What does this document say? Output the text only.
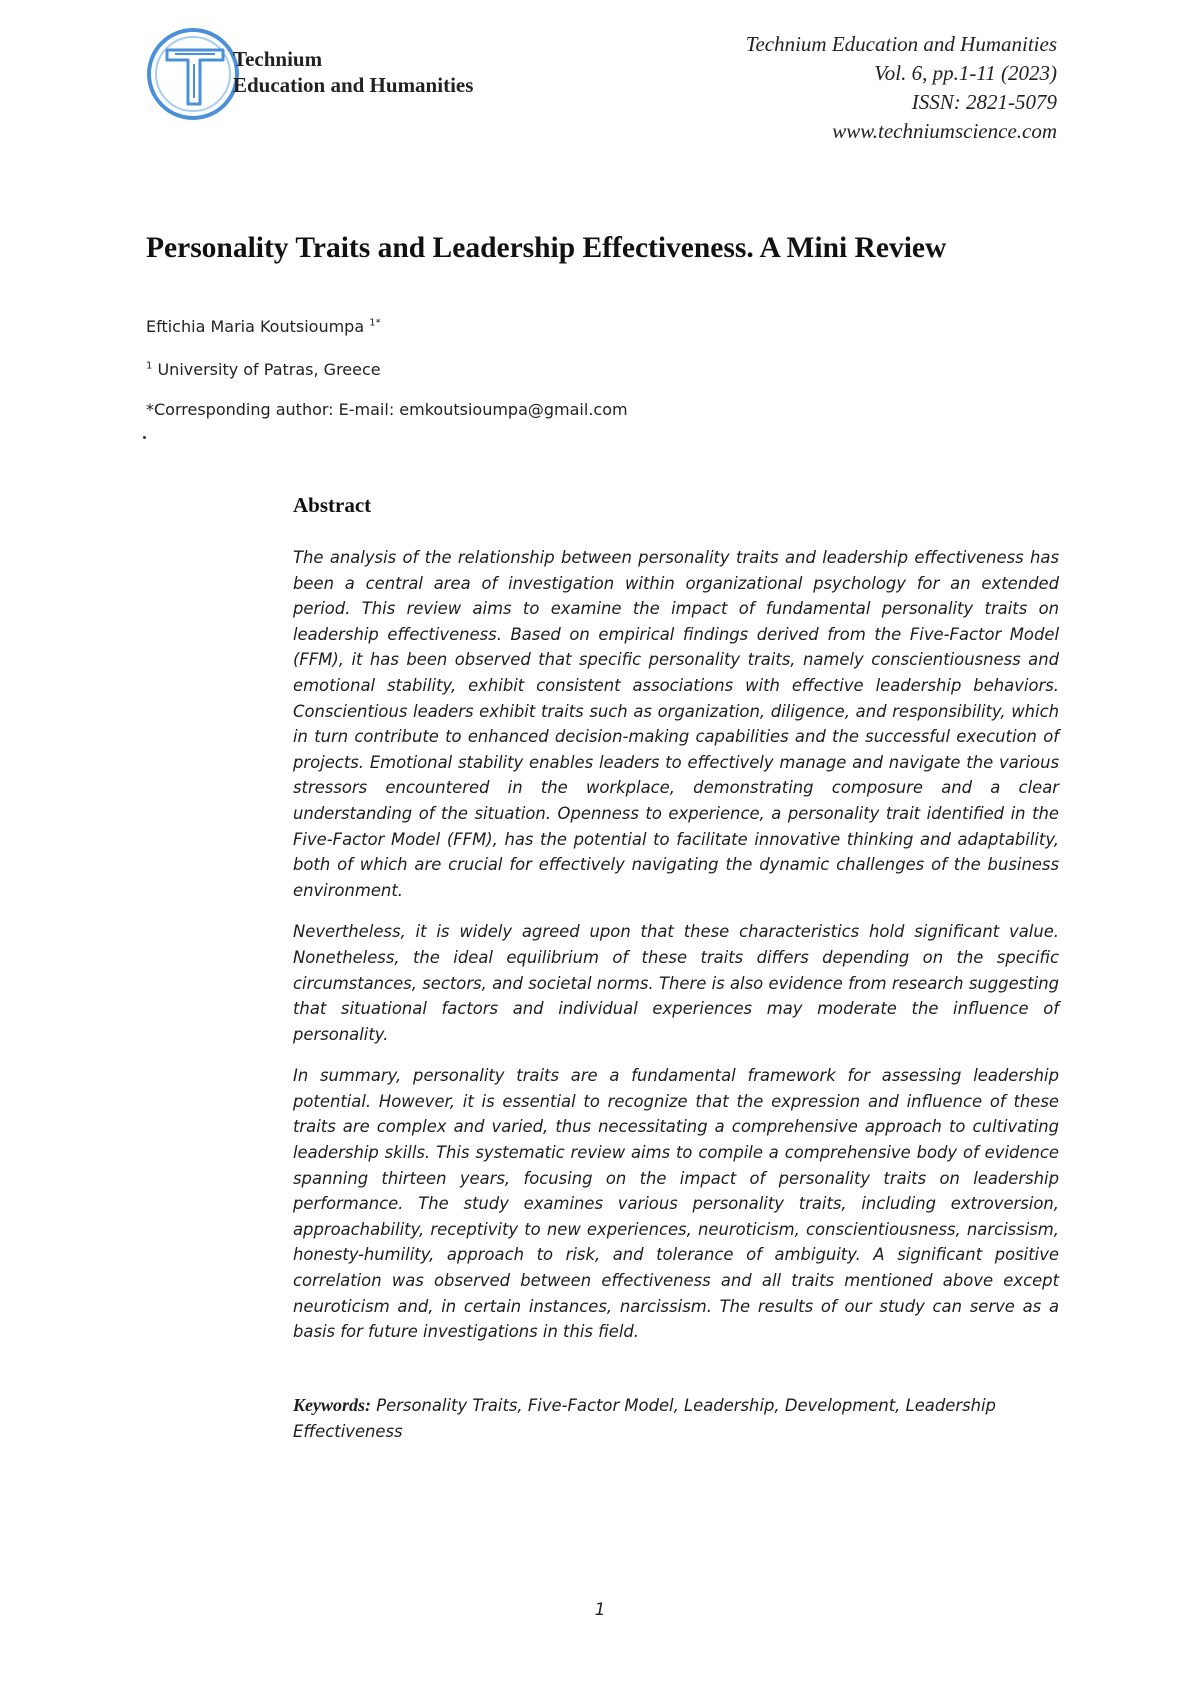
Technium
Education and Humanities
Technium Education and Humanities
Vol. 6, pp.1-11 (2023)
ISSN: 2821-5079
www.techniumscience.com
Personality Traits and Leadership Effectiveness. A Mini Review
Eftichia Maria Koutsioumpa $^{1*}$
$^1$ University of Patras, Greece
*Corresponding author: E-mail: emkoutsioumpa@gmail.com
Abstract

The analysis of the relationship between personality traits and leadership effectiveness has been a central area of investigation within organizational psychology for an extended period. This review aims to examine the impact of fundamental personality traits on leadership effectiveness. Based on empirical findings derived from the Five-Factor Model (FFM), it has been observed that specific personality traits, namely conscientiousness and emotional stability, exhibit consistent associations with effective leadership behaviors. Conscientious leaders exhibit traits such as organization, diligence, and responsibility, which in turn contribute to enhanced decision-making capabilities and the successful execution of projects. Emotional stability enables leaders to effectively manage and navigate the various stressors encountered in the workplace, demonstrating composure and a clear understanding of the situation. Openness to experience, a personality trait identified in the Five-Factor Model (FFM), has the potential to facilitate innovative thinking and adaptability, both of which are crucial for effectively navigating the dynamic challenges of the business environment.

Nevertheless, it is widely agreed upon that these characteristics hold significant value. Nonetheless, the ideal equilibrium of these traits differs depending on the specific circumstances, sectors, and societal norms. There is also evidence from research suggesting that situational factors and individual experiences may moderate the influence of personality.

In summary, personality traits are a fundamental framework for assessing leadership potential. However, it is essential to recognize that the expression and influence of these traits are complex and varied, thus necessitating a comprehensive approach to cultivating leadership skills. This systematic review aims to compile a comprehensive body of evidence spanning thirteen years, focusing on the impact of personality traits on leadership performance. The study examines various personality traits, including extroversion, approachability, receptivity to new experiences, neuroticism, conscientiousness, narcissism, honesty-humility, approach to risk, and tolerance of ambiguity. A significant positive correlation was observed between effectiveness and all traits mentioned above except neuroticism and, in certain instances, narcissism. The results of our study can serve as a basis for future investigations in this field.

Keywords: Personality Traits, Five-Factor Model, Leadership, Development, Leadership Effectiveness
1
